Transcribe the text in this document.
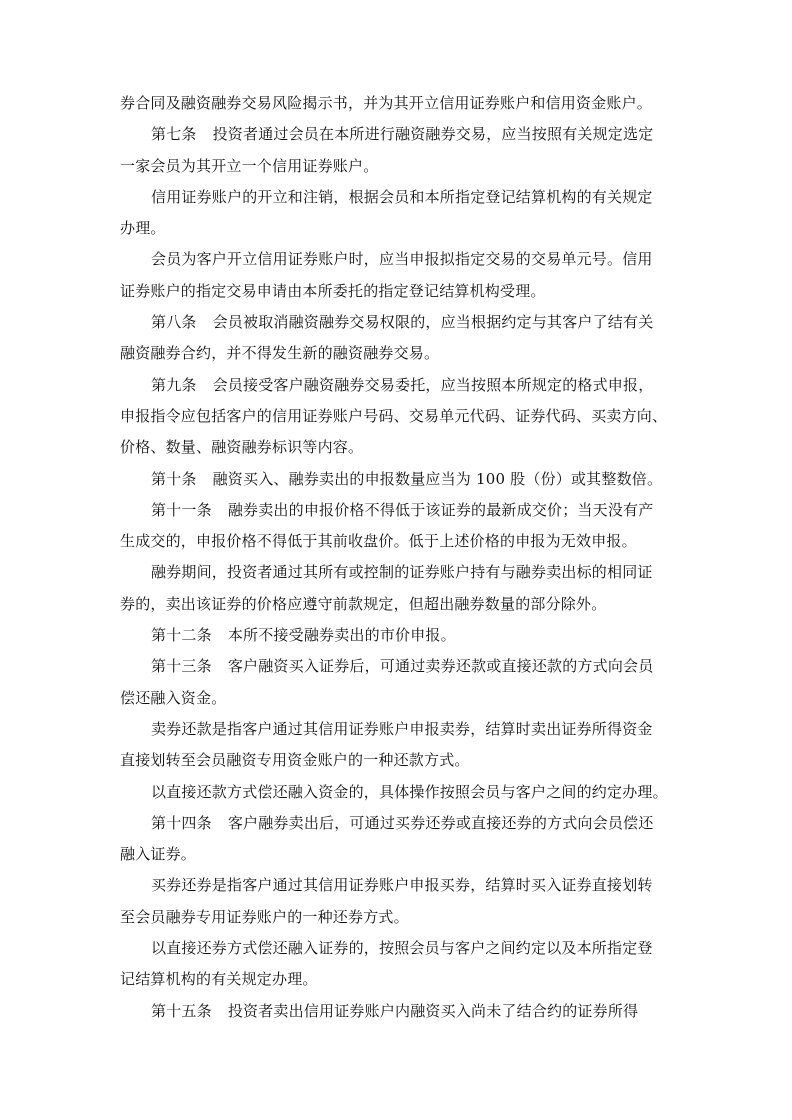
券合同及融资融券交易风险揭示书，并为其开立信用证券账户和信用资金账户。

第七条 投资者通过会员在本所进行融资融券交易，应当按照有关规定选定
一家会员为其开立一个信用证券账户。

信用证券账户的开立和注销，根据会员和本所指定登记结算机构的有关规定
办理。

会员为客户开立信用证券账户时，应当申报拟指定交易的交易单元号。信用
证券账户的指定交易申请由本所委托的指定登记结算机构受理。

第八条 会员被取消融资融券交易权限的，应当根据约定与其客户了结有关
融资融券合约，并不得发生新的融资融券交易。

第九条 会员接受客户融资融券交易委托，应当按照本所规定的格式申报，
申报指令应包括客户的信用证券账户号码、交易单元代码、证券代码、买卖方向、
价格、数量、融资融券标识等内容。

第十条 融资买入、融券卖出的申报数量应当为 100 股（份）或其整数倍。

第十一条 融券卖出的申报价格不得低于该证券的最新成交价；当天没有产
生成交的，申报价格不得低于其前收盘价。低于上述价格的申报为无效申报。

融券期间，投资者通过其所有或控制的证券账户持有与融券卖出标的相同证
券的，卖出该证券的价格应遵守前款规定，但超出融券数量的部分除外。

第十二条 本所不接受融券卖出的市价申报。

第十三条 客户融资买入证券后，可通过卖券还款或直接还款的方式向会员
偿还融入资金。

卖券还款是指客户通过其信用证券账户申报卖券，结算时卖出证券所得资金
直接划转至会员融资专用资金账户的一种还款方式。

以直接还款方式偿还融入资金的，具体操作按照会员与客户之间的约定办理。

第十四条 客户融券卖出后，可通过买券还券或直接还券的方式向会员偿还
融入证券。

买券还券是指客户通过其信用证券账户申报买券，结算时买入证券直接划转
至会员融券专用证券账户的一种还券方式。

以直接还券方式偿还融入证券的，按照会员与客户之间约定以及本所指定登
记结算机构的有关规定办理。

第十五条 投资者卖出信用证券账户内融资买入尚未了结合约的证券所得
